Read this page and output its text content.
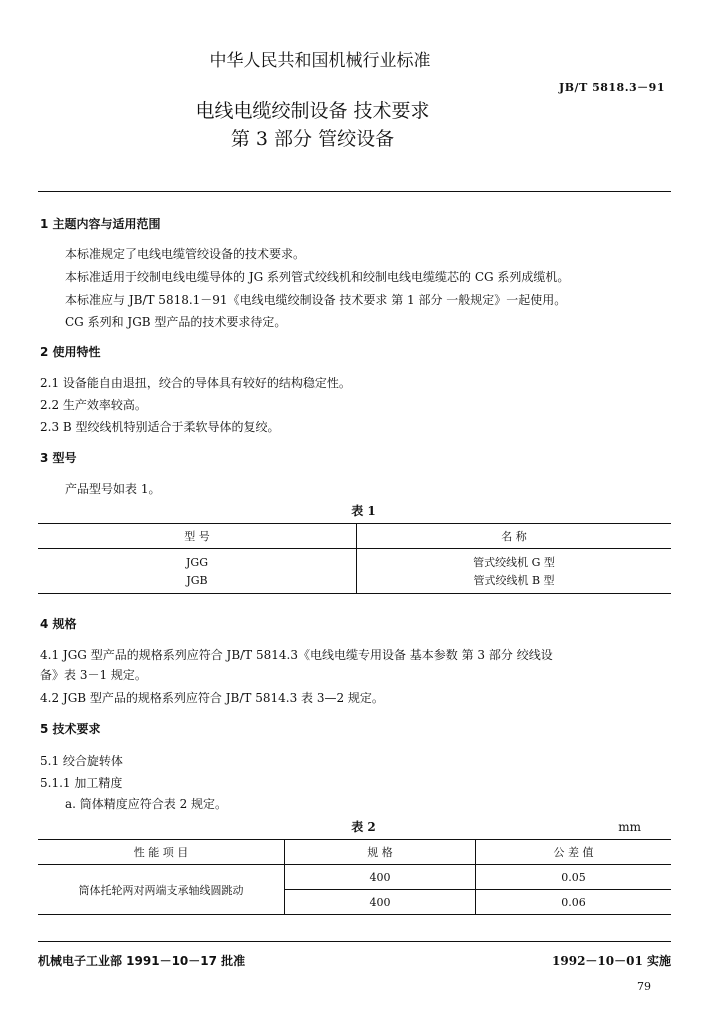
中华人民共和国机械行业标准
JB/T 5818.3－91
电线电缆绞制设备 技术要求
第 3 部分 管绞设备
1 主题内容与适用范围
本标准规定了电线电缆管绞设备的技术要求。
本标准适用于绞制电线电缆导体的 JG 系列管式绞线机和绞制电线电缆缆芯的 CG 系列成缆机。
本标准应与 JB/T 5818.1－91《电线电缆绞制设备 技术要求 第 1 部分 一般规定》一起使用。
CG 系列和 JGB 型产品的技术要求待定。
2 使用特性
2.1 设备能自由退扭，绞合的导体具有较好的结构稳定性。
2.2 生产效率较高。
2.3 B 型绞线机特别适合于柔软导体的复绞。
3 型号
产品型号如表 1。
表 1
型 号	名 称
JGG	管式绞线机 G 型
JGB	管式绞线机 B 型
4 规格
4.1 JGG 型产品的规格系列应符合 JB/T 5814.3《电线电缆专用设备 基本参数 第 3 部分 绞线设
备》表 3－1 规定。
4.2 JGB 型产品的规格系列应符合 JB/T 5814.3 表 3—2 规定。
5 技术要求
5.1 绞合旋转体
5.1.1 加工精度
a. 筒体精度应符合表 2 规定。
表 2	mm
性 能 项 目	规 格	公 差 值
筒体托轮两对两端支承轴线圆跳动	400	0.05
	400	0.06
机械电子工业部 1991－10－17 批准	1992－10－01 实施
79
